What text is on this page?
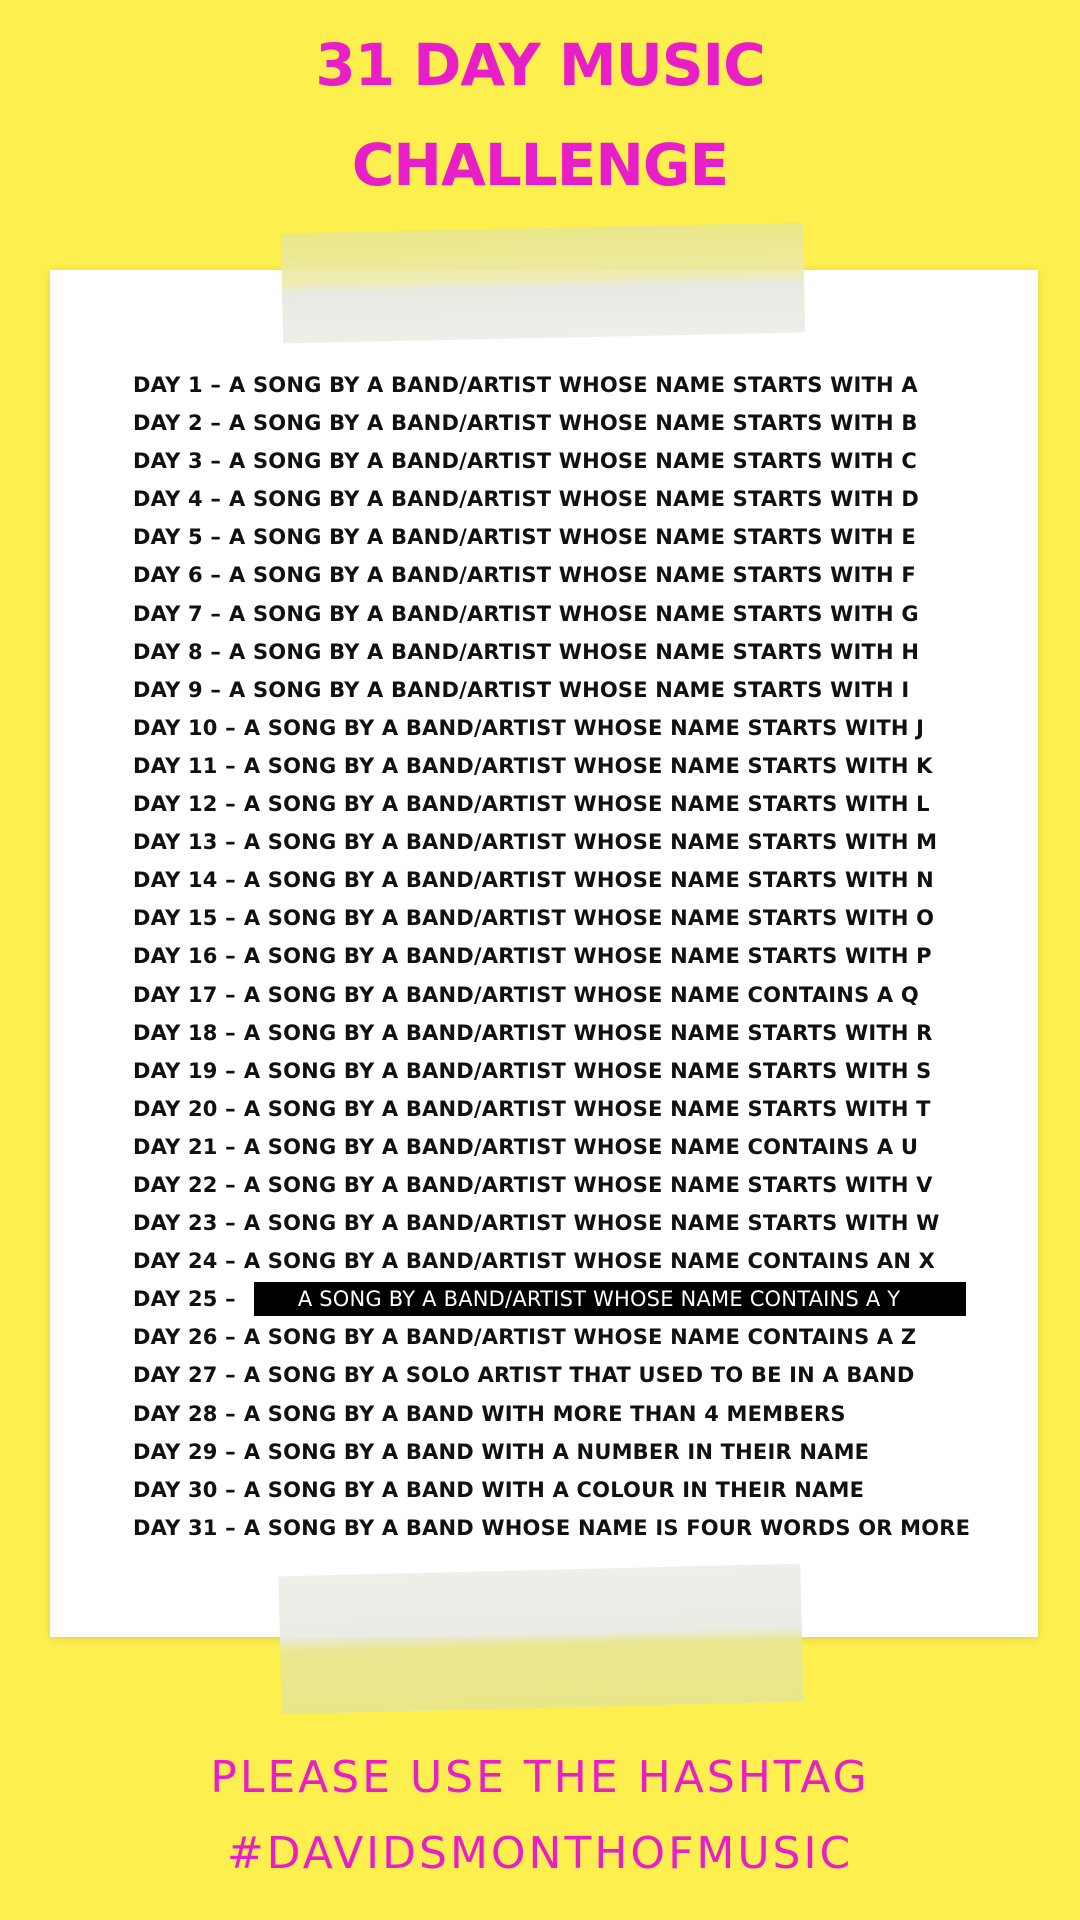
31 DAY MUSIC
CHALLENGE
DAY 1 – A SONG BY A BAND/ARTIST WHOSE NAME STARTS WITH A
DAY 2 – A SONG BY A BAND/ARTIST WHOSE NAME STARTS WITH B
DAY 3 – A SONG BY A BAND/ARTIST WHOSE NAME STARTS WITH C
DAY 4 – A SONG BY A BAND/ARTIST WHOSE NAME STARTS WITH D
DAY 5 – A SONG BY A BAND/ARTIST WHOSE NAME STARTS WITH E
DAY 6 – A SONG BY A BAND/ARTIST WHOSE NAME STARTS WITH F
DAY 7 – A SONG BY A BAND/ARTIST WHOSE NAME STARTS WITH G
DAY 8 – A SONG BY A BAND/ARTIST WHOSE NAME STARTS WITH H
DAY 9 – A SONG BY A BAND/ARTIST WHOSE NAME STARTS WITH I
DAY 10 – A SONG BY A BAND/ARTIST WHOSE NAME STARTS WITH J
DAY 11 – A SONG BY A BAND/ARTIST WHOSE NAME STARTS WITH K
DAY 12 – A SONG BY A BAND/ARTIST WHOSE NAME STARTS WITH L
DAY 13 – A SONG BY A BAND/ARTIST WHOSE NAME STARTS WITH M
DAY 14 – A SONG BY A BAND/ARTIST WHOSE NAME STARTS WITH N
DAY 15 – A SONG BY A BAND/ARTIST WHOSE NAME STARTS WITH O
DAY 16 – A SONG BY A BAND/ARTIST WHOSE NAME STARTS WITH P
DAY 17 – A SONG BY A BAND/ARTIST WHOSE NAME CONTAINS A Q
DAY 18 – A SONG BY A BAND/ARTIST WHOSE NAME STARTS WITH R
DAY 19 – A SONG BY A BAND/ARTIST WHOSE NAME STARTS WITH S
DAY 20 – A SONG BY A BAND/ARTIST WHOSE NAME STARTS WITH T
DAY 21 – A SONG BY A BAND/ARTIST WHOSE NAME CONTAINS A U
DAY 22 – A SONG BY A BAND/ARTIST WHOSE NAME STARTS WITH V
DAY 23 – A SONG BY A BAND/ARTIST WHOSE NAME STARTS WITH W
DAY 24 – A SONG BY A BAND/ARTIST WHOSE NAME CONTAINS AN X
DAY 25 –	A SONG BY A BAND/ARTIST WHOSE NAME CONTAINS A Y
DAY 26 – A SONG BY A BAND/ARTIST WHOSE NAME CONTAINS A Z
DAY 27 – A SONG BY A SOLO ARTIST THAT USED TO BE IN A BAND
DAY 28 – A SONG BY A BAND WITH MORE THAN 4 MEMBERS
DAY 29 – A SONG BY A BAND WITH A NUMBER IN THEIR NAME
DAY 30 – A SONG BY A BAND WITH A COLOUR IN THEIR NAME
DAY 31 – A SONG BY A BAND WHOSE NAME IS FOUR WORDS OR MORE
PLEASE USE THE HASHTAG
#DAVIDSMONTHOFMUSIC
